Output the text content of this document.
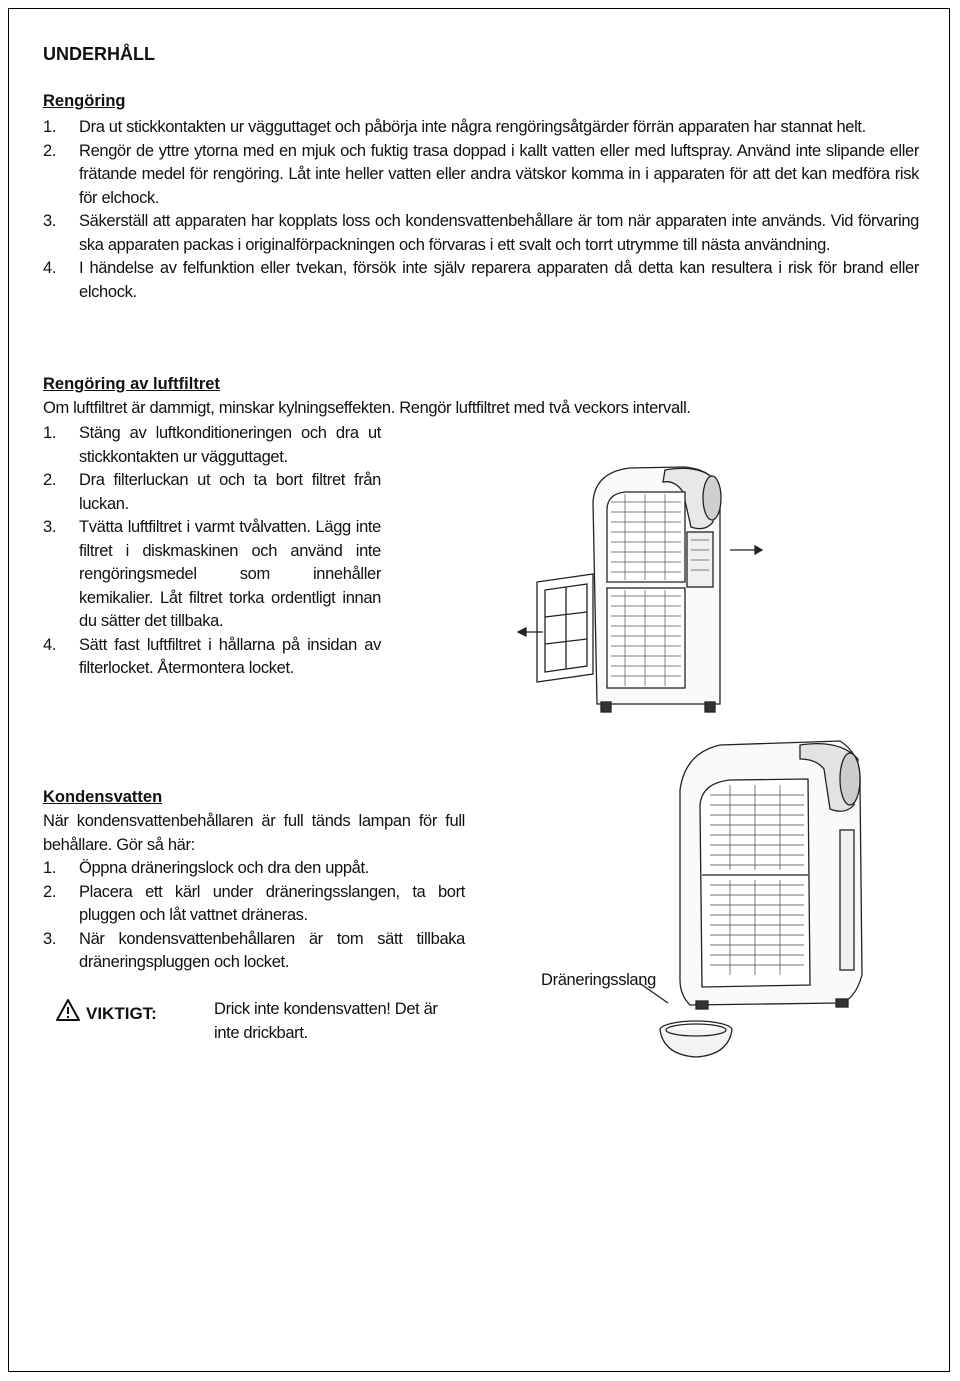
UNDERHÅLL
Rengöring
1. Dra ut stickkontakten ur vägguttaget och påbörja inte några rengöringsåtgärder förrän apparaten har stannat helt.
2. Rengör de yttre ytorna med en mjuk och fuktig trasa doppad i kallt vatten eller med luftspray. Använd inte slipande eller frätande medel för rengöring. Låt inte heller vatten eller andra vätskor komma in i apparaten för att det kan medföra risk för elchock.
3. Säkerställ att apparaten har kopplats loss och kondensvattenbehållare är tom när apparaten inte används. Vid förvaring ska apparaten packas i originalförpackningen och förvaras i ett svalt och torrt utrymme till nästa användning.
4. I händelse av felfunktion eller tvekan, försök inte själv reparera apparaten då detta kan resultera i risk för brand eller elchock.
Rengöring av luftfiltret
Om luftfiltret är dammigt, minskar kylningseffekten. Rengör luftfiltret med två veckors intervall.
1. Stäng av luftkonditioneringen och dra ut stickkontakten ur vägguttaget.
2. Dra filterluckan ut och ta bort filtret från luckan.
3. Tvätta luftfiltret i varmt tvålvatten. Lägg inte filtret i diskmaskinen och använd inte rengöringsmedel som innehåller kemikalier. Låt filtret torka ordentligt innan du sätter det tillbaka.
4. Sätt fast luftfiltret i hållarna på insidan av filterlocket. Återmontera locket.
Kondensvatten
När kondensvattenbehållaren är full tänds lampan för full behållare. Gör så här:
1. Öppna dräneringslock och dra den uppåt.
2. Placera ett kärl under dräneringsslangen, ta bort pluggen och låt vattnet dräneras.
3. När kondensvattenbehållaren är tom sätt tillbaka dräneringspluggen och locket.
VIKTIGT:	Drick inte kondensvatten! Det är inte drickbart.
Dräneringsslang
